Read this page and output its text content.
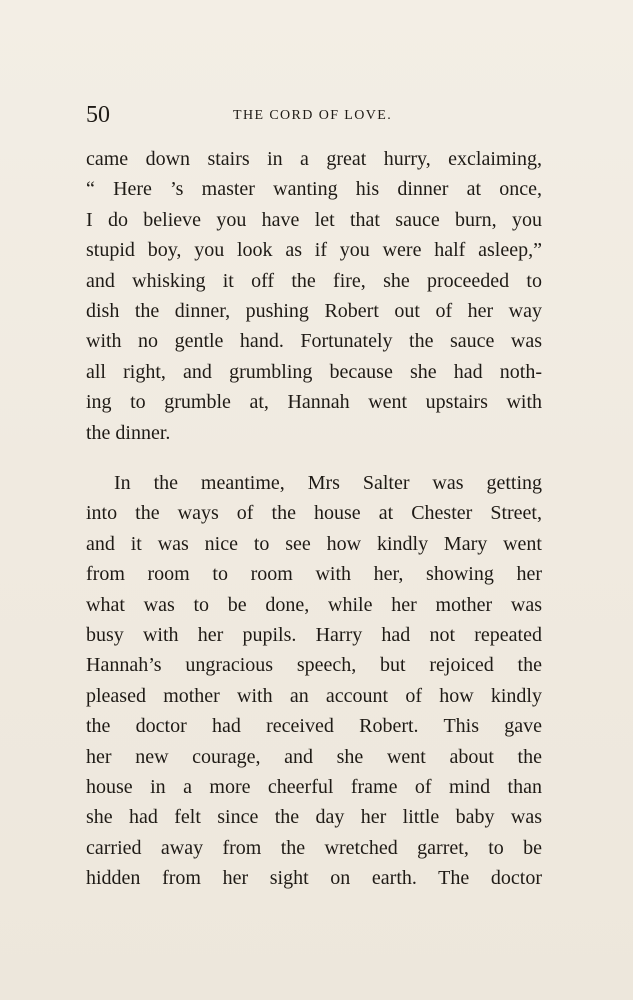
50	THE CORD OF LOVE.
came down stairs in a great hurry, exclaiming,
“ Here ’s master wanting his dinner at once,
I do believe you have let that sauce burn, you
stupid boy, you look as if you were half asleep,”
and whisking it off the fire, she proceeded to
dish the dinner, pushing Robert out of her way
with no gentle hand. Fortunately the sauce was
all right, and grumbling because she had noth-
ing to grumble at, Hannah went upstairs with
the dinner.
In the meantime, Mrs Salter was getting
into the ways of the house at Chester Street,
and it was nice to see how kindly Mary went
from room to room with her, showing her
what was to be done, while her mother was
busy with her pupils. Harry had not repeated
Hannah’s ungracious speech, but rejoiced the
pleased mother with an account of how kindly
the doctor had received Robert. This gave
her new courage, and she went about the
house in a more cheerful frame of mind than
she had felt since the day her little baby was
carried away from the wretched garret, to be
hidden from her sight on earth. The doctor
